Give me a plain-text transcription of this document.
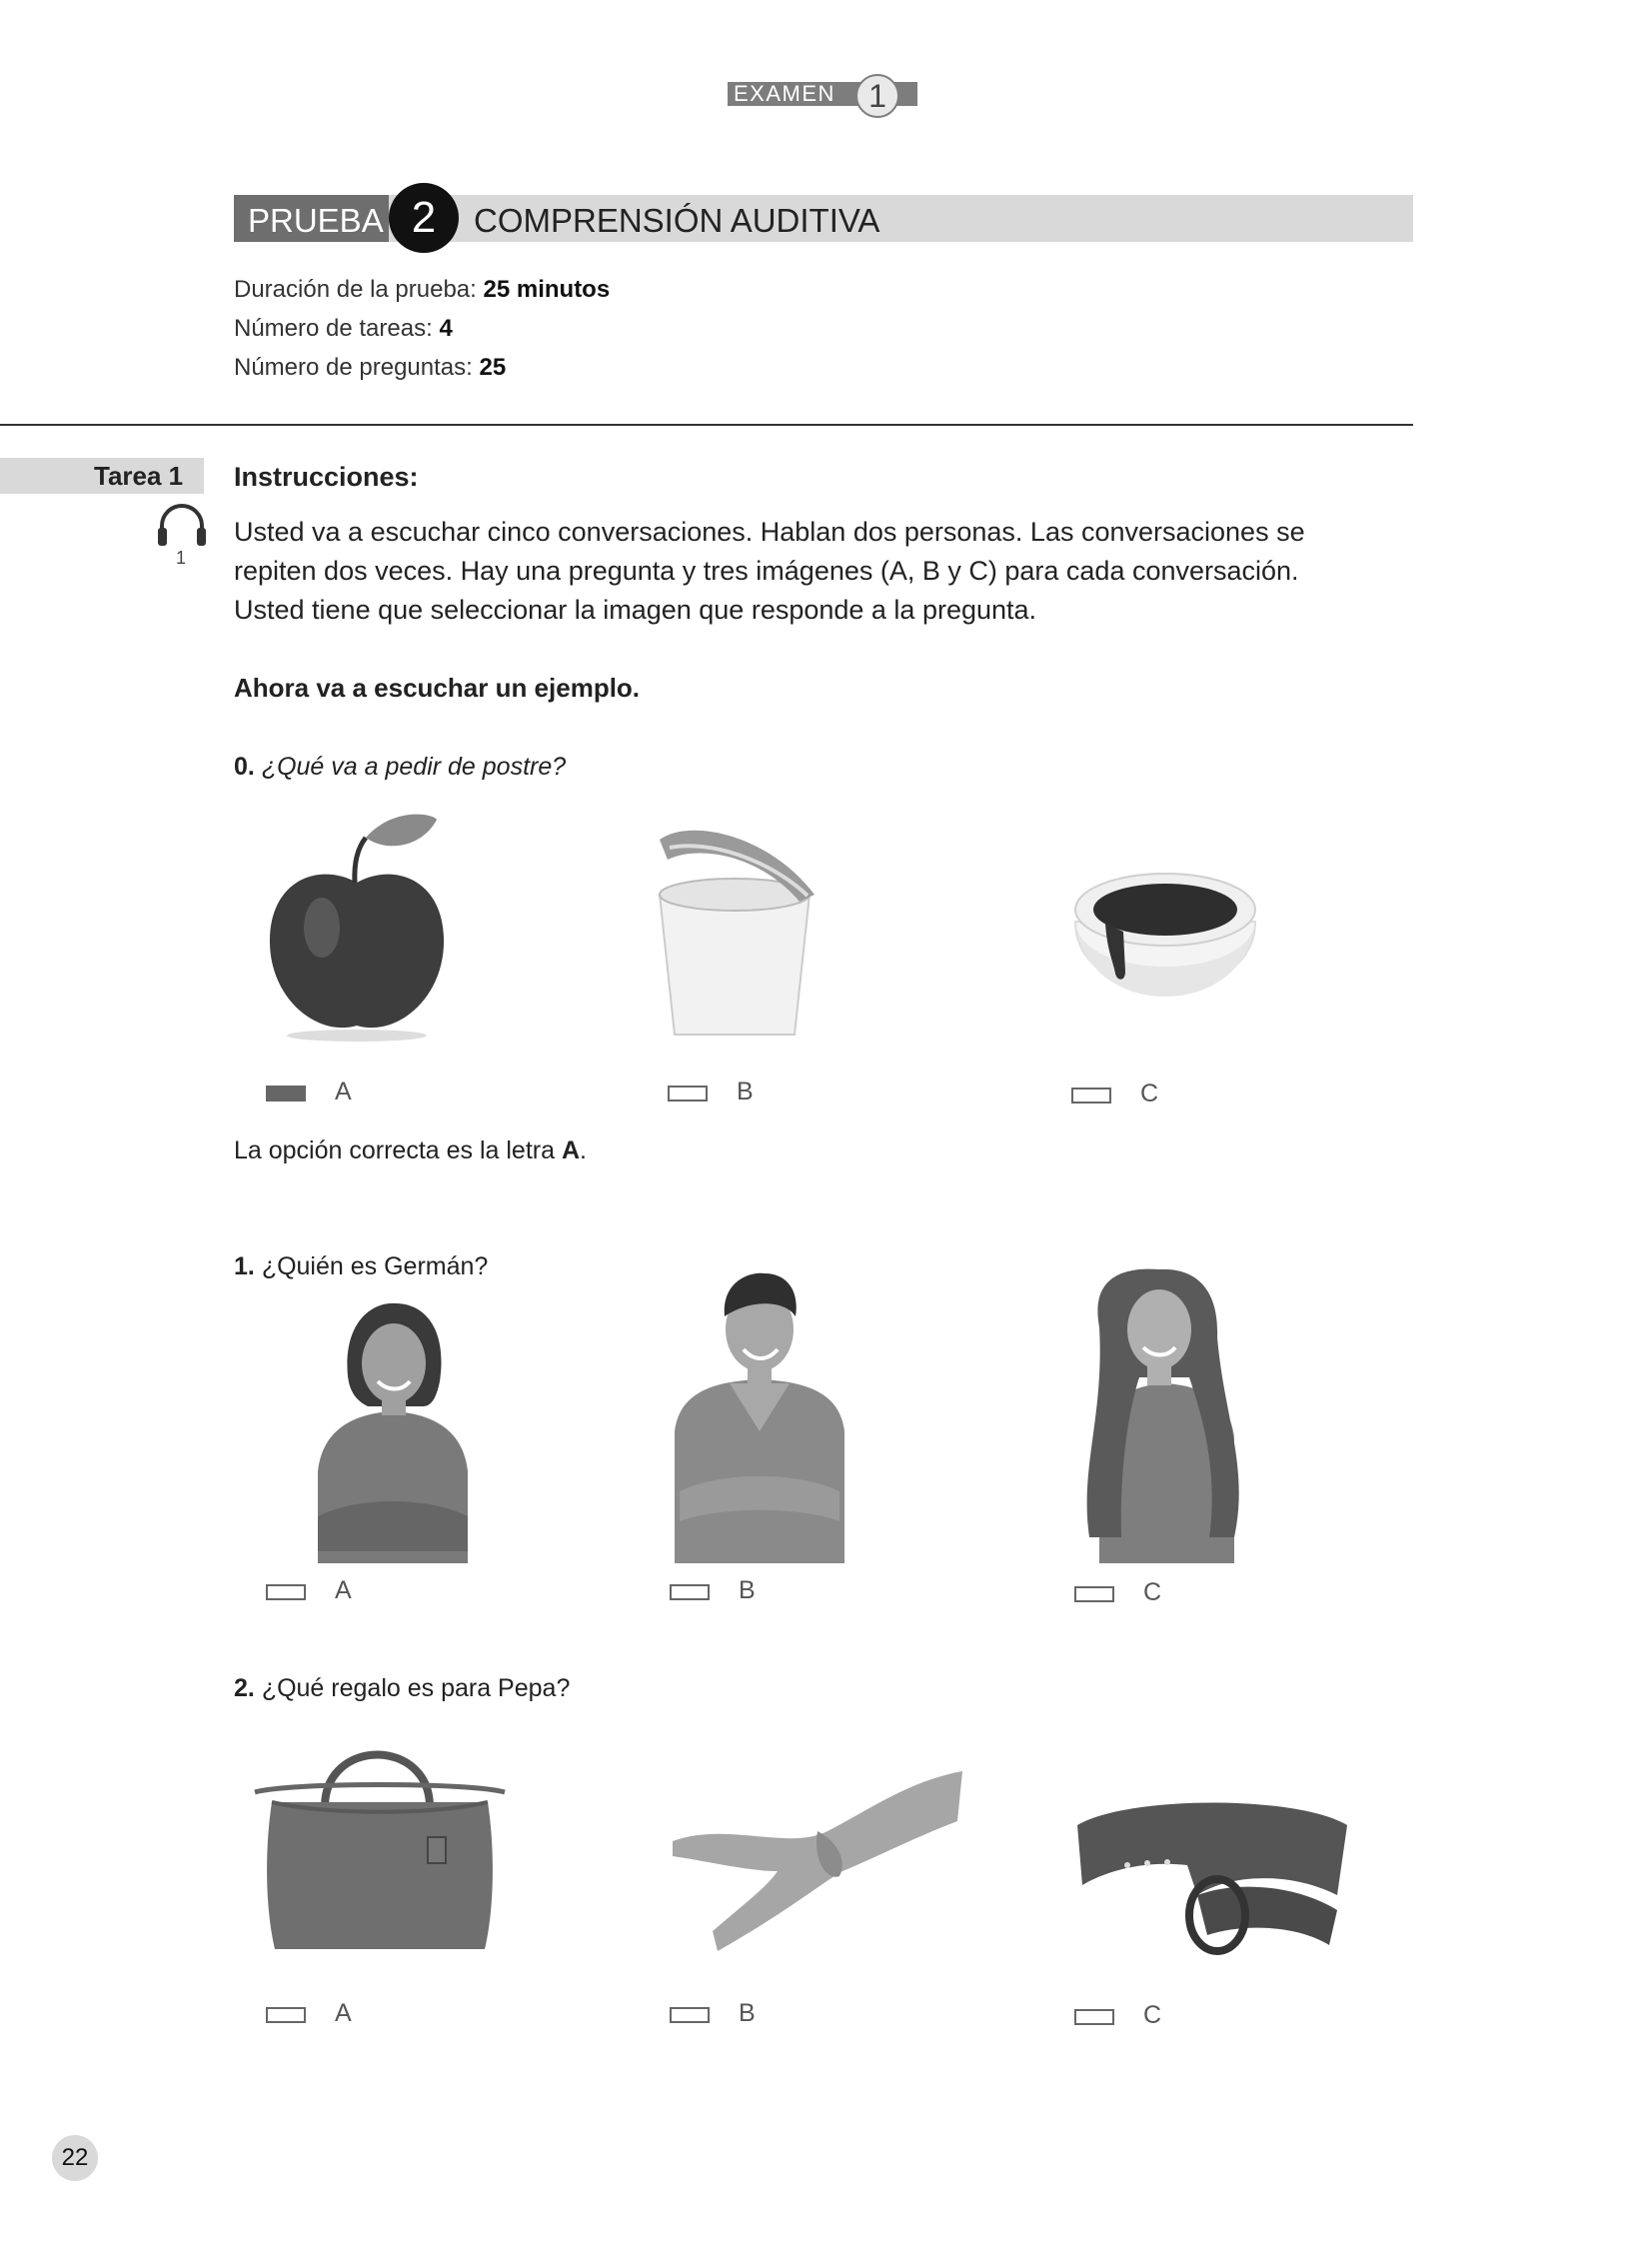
EXAMEN	1
PRUEBA 2	COMPRENSIÓN AUDITIVA
Duración de la prueba: 25 minutos
Número de tareas: 4
Número de preguntas: 25
Tarea 1
1
Instrucciones:
Usted va a escuchar cinco conversaciones. Hablan dos personas. Las conversaciones se
repiten dos veces. Hay una pregunta y tres imágenes (A, B y C) para cada conversación.
Usted tiene que seleccionar la imagen que responde a la pregunta.
Ahora va a escuchar un ejemplo.
0. ¿Qué va a pedir de postre?
A	B	C
La opción correcta es la letra A.
1. ¿Quién es Germán?
A	B	C
2. ¿Qué regalo es para Pepa?
A	B	C
22
